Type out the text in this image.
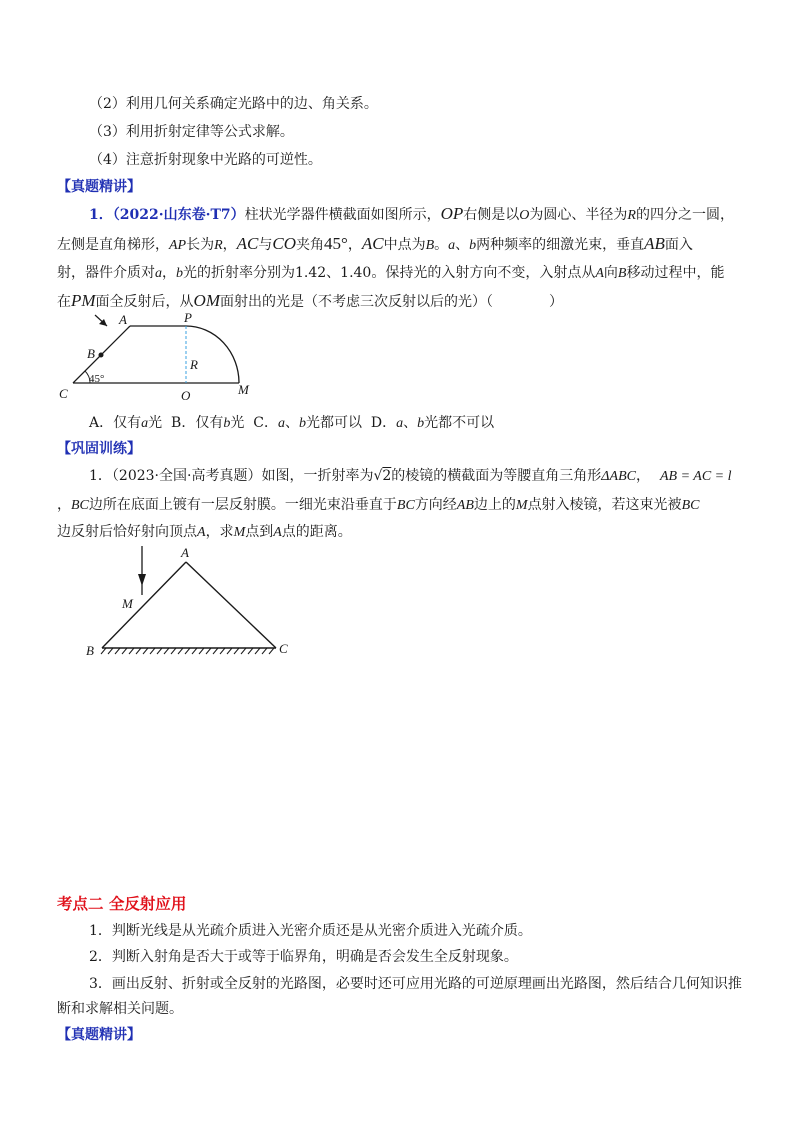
（2）利用几何关系确定光路中的边、角关系。
（3）利用折射定律等公式求解。
（4）注意折射现象中光路的可逆性。
【真题精讲】
1．（2022·山东卷·T7）柱状光学器件横截面如图所示，OP右侧是以O为圆心、半径为R的四分之一圆，
左侧是直角梯形，AP长为R，AC与CO夹角45°，AC中点为B。a、b两种频率的细激光束，垂直AB面入
射，器件介质对a，b光的折射率分别为1.42、1.40。保持光的入射方向不变，入射点从A向B移动过程中，能
在PM面全反射后，从OM面射出的光是（不考虑三次反射以后的光）（　　　　）
A	P
B
R
45°
C	O	M
A．仅有a光 B．仅有b光 C．a、b光都可以 D．a、b光都不可以
【巩固训练】
1．（2023·全国·高考真题）如图，一折射率为√2的棱镜的横截面为等腰直角三角形ΔABC， AB = AC = l
，BC边所在底面上镀有一层反射膜。一细光束沿垂直于BC方向经AB边上的M点射入棱镜，若这束光被BC
边反射后恰好射向顶点A，求M点到A点的距离。
A
M
B	C
考点二 全反射应用
1．判断光线是从光疏介质进入光密介质还是从光密介质进入光疏介质。
2．判断入射角是否大于或等于临界角，明确是否会发生全反射现象。
3．画出反射、折射或全反射的光路图，必要时还可应用光路的可逆原理画出光路图，然后结合几何知识推
断和求解相关问题。
【真题精讲】
